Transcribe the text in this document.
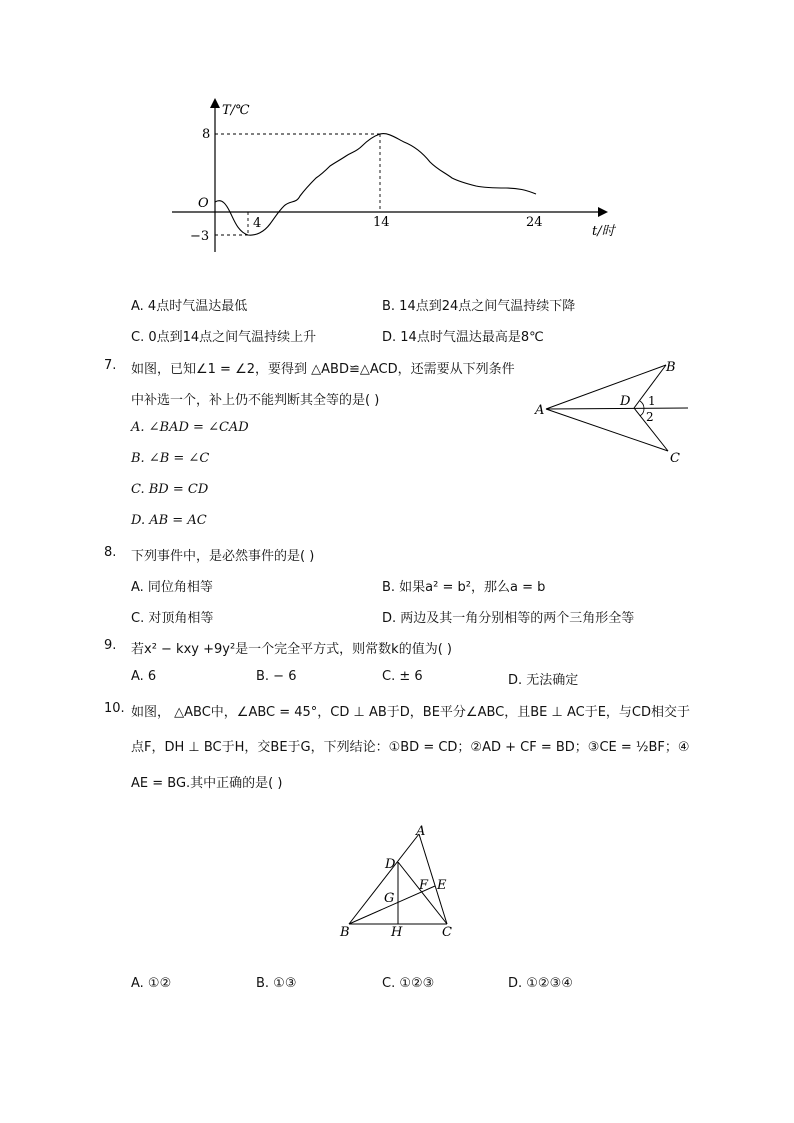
T/℃
t/时
O
8
−3
4	14	24
A. 4点时气温达最低	B. 14点到24点之间气温持续下降
C. 0点到14点之间气温持续上升	D. 14点时气温达最高是8℃
7. 如图，已知∠1 = ∠2，要得到 △ABD≌△ACD，还需要从下列条件
中补选一个，补上仍不能判断其全等的是( )
A. ∠BAD = ∠CAD
B. ∠B = ∠C
C. BD = CD
D. AB = AC
B
A
D 1
2
C
8. 下列事件中，是必然事件的是( )
A. 同位角相等	B. 如果a² = b²，那么a = b
C. 对顶角相等	D. 两边及其一角分别相等的两个三角形全等
9. 若x² − kxy +9y²是一个完全平方式，则常数k的值为( )
A. 6	B. − 6	C. ± 6	D. 无法确定
10. 如图， △ABC中，∠ABC = 45°，CD ⊥ AB于D，BE平分∠ABC，且BE ⊥ AC于E，与CD相交于
点F，DH ⊥ BC于H，交BE于G，下列结论：①BD = CD；②AD + CF = BD；③CE = ½BF；④
AE = BG.其中正确的是( )
A
D
F E
G
B	H	C
A. ①②	B. ①③	C. ①②③	D. ①②③④
